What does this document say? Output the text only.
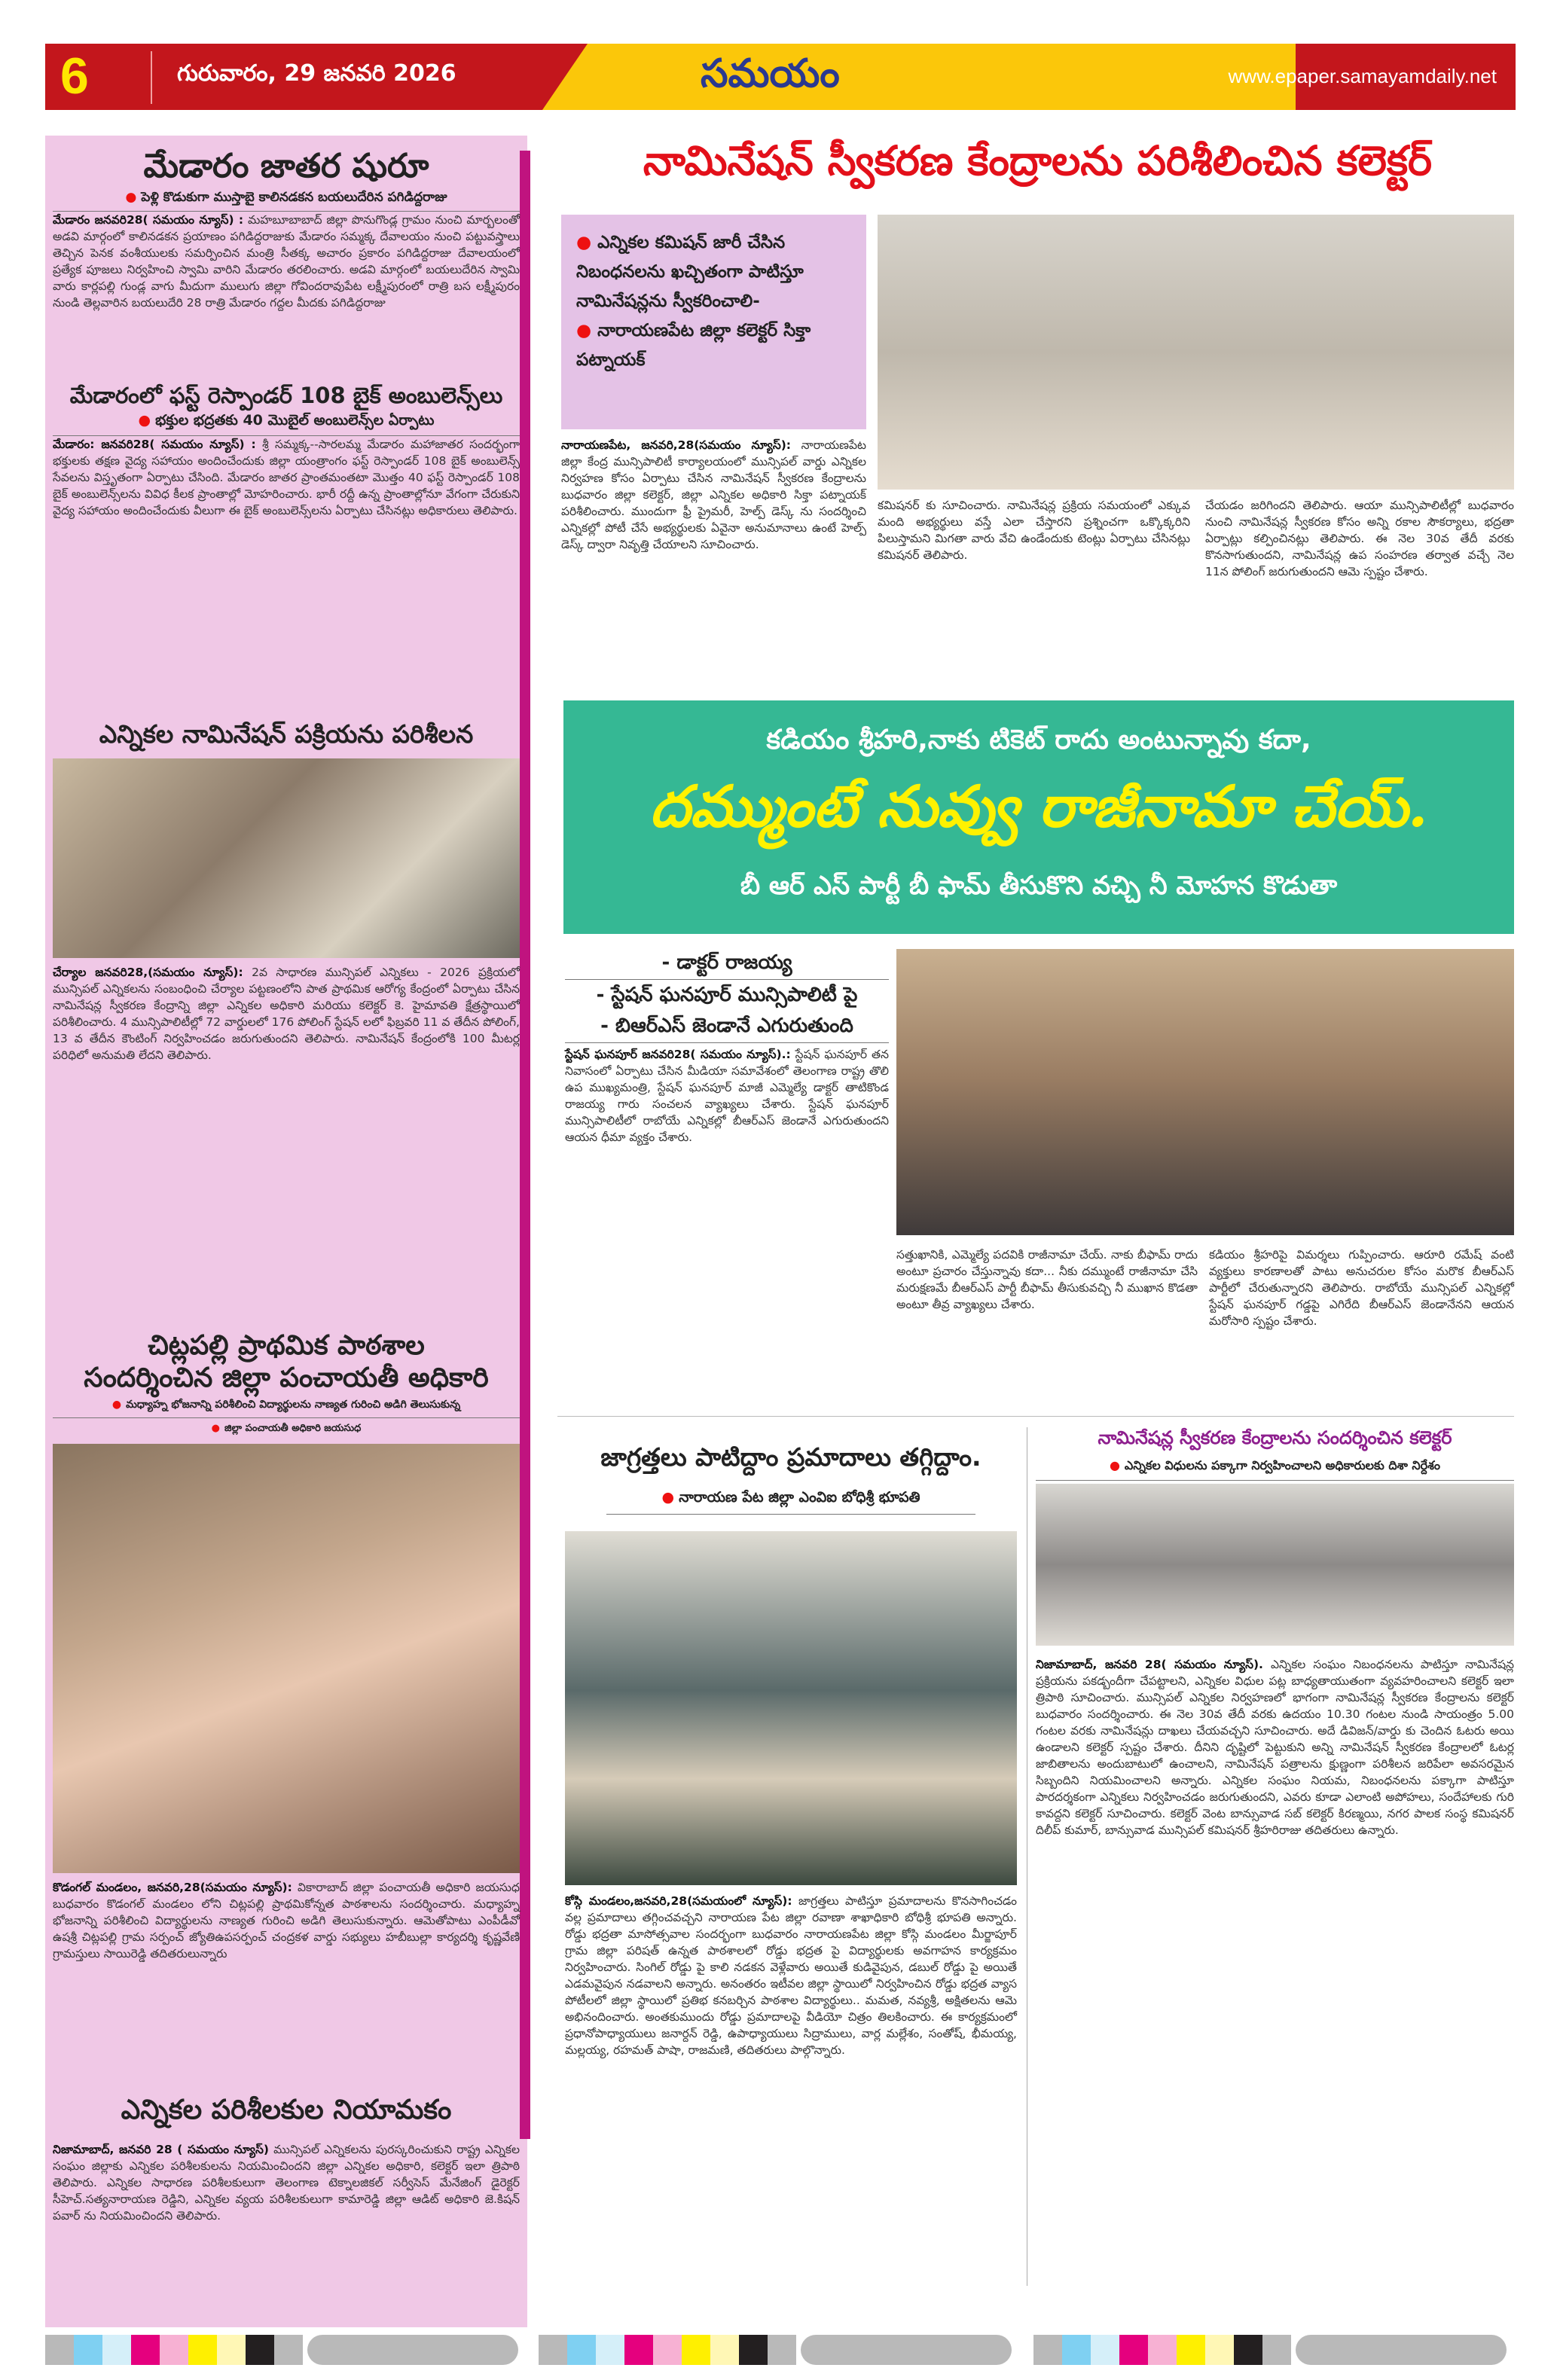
6	గురువారం, 29 జనవరి 2026	సమయం	www.epaper.samayamdaily.net
మేడారం జాతర షురూ
● పెళ్లి కొడుకుగా ముస్తాబై కాలినడకన బయలుదేరిన పగిడిద్దరాజు

మేడారం జనవరి28( సమయం న్యూస్) : మహబూబాబాద్ జిల్లా పొనుగొండ్ల గ్రామం నుంచి మార్బలంతో అడవి మార్గంలో కాలినడకన ప్రయాణం పగిడిద్దరాజుకు మేడారం సమ్మక్క దేవాలయం నుంచి పట్టువస్త్రాలు తెచ్చిన పెనక వంశీయులకు సమర్పించిన మంత్రి సీతక్క అచారం ప్రకారం పగిడిద్దరాజు దేవాలయంలో ప్రత్యేక పూజలు నిర్వహించి స్వామి వారిని మేడారం తరలించారు. అడవి మార్గంలో బయలుదేరిన స్వామి వారు కార్లపల్లి గుండ్ల వాగు మీదుగా ములుగు జిల్లా గోవిందరావుపేట లక్ష్మీపురంలో రాత్రి బస లక్ష్మీపురం నుండి తెల్లవారిన బయలుదేరి 28 రాత్రి మేడారం గద్దల మీదకు పగిడిద్దరాజు

మేడారంలో ఫస్ట్ రెస్పాండర్ 108 బైక్ అంబులెన్స్‌లు
● భక్తుల భద్రతకు 40 మొబైల్ అంబులెన్స్‌ల ఏర్పాటు

మేడారం: జనవరి28( సమయం న్యూస్) : శ్రీ సమ్మక్క--సారలమ్మ మేడారం మహాజాతర సందర్భంగా భక్తులకు తక్షణ వైద్య సహాయం అందించేందుకు జిల్లా యంత్రాంగం ఫస్ట్ రెస్పాండర్ 108 బైక్ అంబులెన్స్ సేవలను విస్తృతంగా ఏర్పాటు చేసింది. మేడారం జాతర ప్రాంతమంతటా మొత్తం 40 ఫస్ట్ రెస్పాండర్ 108 బైక్ అంబులెన్స్‌లను వివిధ కీలక ప్రాంతాల్లో మోహరించారు. భారీ రద్దీ ఉన్న ప్రాంతాల్లోనూ వేగంగా చేరుకుని వైద్య సహాయం అందించేందుకు వీలుగా ఈ బైక్ అంబులెన్స్‌లను ఏర్పాటు చేసినట్లు అధికారులు తెలిపారు.

ఎన్నికల నామినేషన్ పక్రియను పరిశీలన

చేర్యాల జనవరి28,(సమయం న్యూస్): 2వ సాధారణ మున్సిపల్ ఎన్నికలు - 2026 ప్రక్రియలో మున్సిపల్ ఎన్నికలను సంబంధించి చేర్యాల పట్టణంలోని పాత ప్రాథమిక ఆరోగ్య కేంద్రంలో ఏర్పాటు చేసిన నామినేషన్ల స్వీకరణ కేంద్రాన్ని జిల్లా ఎన్నికల అధికారి మరియు కలెక్టర్ కె. హైమావతి క్షేత్రస్థాయిలో పరిశీలించారు. 4 మున్సిపాలిటీల్లో 72 వార్డులలో 176 పోలింగ్ స్టేషన్ లలో ఫిబ్రవరి 11 వ తేదీన పోలింగ్, 13 వ తేదీన కౌంటింగ్ నిర్వహించడం జరుగుతుందని తెలిపారు. నామినేషన్ కేంద్రంలోకి 100 మీటర్ల పరిధిలో అనుమతి లేదని తెలిపారు.

చిట్లపల్లి ప్రాథమిక పాఠశాల
సందర్శించిన జిల్లా పంచాయతీ అధికారి
● మధ్యాహ్న భోజనాన్ని పరిశీలించి విద్యార్థులను నాణ్యత గురించి అడిగి తెలుసుకున్న
● జిల్లా పంచాయతీ అధికారి జయసుధ

కొడంగల్ మండలం, జనవరి,28(సమయం న్యూస్): వికారాబాద్ జిల్లా పంచాయతీ అధికారి జయసుధ బుధవారం కొడంగల్ మండలం లోని చిట్లపల్లి ప్రాథమికోన్నత పాఠశాలను సందర్శించారు. మధ్యాహ్న భోజనాన్ని పరిశీలించి విద్యార్థులను నాణ్యత గురించి అడిగి తెలుసుకున్నారు. ఆమెతోపాటు ఎంపీడీవో ఉషశ్రీ చిట్లపల్లి గ్రామ సర్పంచ్ జ్యోతిఉపసర్పంచ్ చంద్రకళ వార్డు సభ్యులు హబీబుల్లా కార్యదర్శి కృష్ణవేణి గ్రామస్తులు సాయిరెడ్డి తదితరులున్నారు

ఎన్నికల పరిశీలకుల నియామకం

నిజామాబాద్, జనవరి 28 ( సమయం న్యూస్) మున్సిపల్ ఎన్నికలను పురస్కరించుకుని రాష్ట్ర ఎన్నికల సంఘం జిల్లాకు ఎన్నికల పరిశీలకులను నియమించిందని జిల్లా ఎన్నికల అధికారి, కలెక్టర్ ఇలా త్రిపాఠి తెలిపారు. ఎన్నికల సాధారణ పరిశీలకులుగా తెలంగాణ టెక్నాలజికల్ సర్వీసెస్ మేనేజింగ్ డైరెక్టర్ సీహెచ్.సత్యనారాయణ రెడ్డిని, ఎన్నికల వ్యయ పరిశీలకులుగా కామారెడ్డి జిల్లా ఆడిట్ అధికారి జె.కిషన్ పవార్ ను నియమించిందని తెలిపారు.

నామినేషన్ స్వీకరణ కేంద్రాలను పరిశీలించిన కలెక్టర్
● ఎన్నికల కమిషన్ జారీ చేసిన నిబంధనలను ఖచ్చితంగా పాటిస్తూ నామినేషన్లను స్వీకరించాలి-
● నారాయణపేట జిల్లా కలెక్టర్ సిక్తా పట్నాయక్

నారాయణపేట, జనవరి,28(సమయం న్యూస్): నారాయణపేట జిల్లా కేంద్ర మున్సిపాలిటీ కార్యాలయంలో మున్సిపల్ వార్డు ఎన్నికల నిర్వహణ కోసం ఏర్పాటు చేసిన నామినేషన్ స్వీకరణ కేంద్రాలను బుధవారం జిల్లా కలెక్టర్, జిల్లా ఎన్నికల అధికారి సిక్తా పట్నాయక్ పరిశీలించారు. ముందుగా ఫ్రీ ప్రైమరీ, హెల్ప్ డెస్క్ ను సందర్శించి ఎన్నికల్లో పోటీ చేసే అభ్యర్థులకు ఏవైనా అనుమానాలు ఉంటే హెల్ప్ డెస్క్ ద్వారా నివృత్తి చేయాలని సూచించారు.

కమిషనర్ కు సూచించారు. నామినేషన్ల ప్రక్రియ సమయంలో ఎక్కువ మంది అభ్యర్థులు వస్తే ఎలా చేస్తారని ప్రశ్నించగా ఒక్కొక్కరిని పిలుస్తామని మిగతా వారు వేచి ఉండేందుకు టెంట్లు ఏర్పాటు చేసినట్లు కమిషనర్ తెలిపారు.

చేయడం జరిగిందని తెలిపారు. ఆయా మున్సిపాలిటీల్లో బుధవారం నుంచి నామినేషన్ల స్వీకరణ కోసం అన్ని రకాల సౌకర్యాలు, భద్రతా ఏర్పాట్లు కల్పించినట్లు తెలిపారు. ఈ నెల 30వ తేదీ వరకు కొనసాగుతుందని, నామినేషన్ల ఉప సంహరణ తర్వాత వచ్చే నెల 11న పోలింగ్ జరుగుతుందని ఆమె స్పష్టం చేశారు.

కడియం శ్రీహరి,నాకు టికెట్ రాదు అంటున్నావు కదా,
దమ్ముంటే నువ్వు రాజీనామా చేయ్.
బీ ఆర్ ఎస్ పార్టీ బీ ఫామ్ తీసుకొని వచ్చి నీ మోహన కొడుతా
- డాక్టర్ రాజయ్య
- స్టేషన్ ఘనపూర్ మున్సిపాలిటీ పై
- బిఆర్ఎస్ జెండానే ఎగురుతుంది

స్టేషన్ ఘనపూర్ జనవరి28( సమయం న్యూస్).: స్టేషన్ ఘనపూర్ తన నివాసంలో ఏర్పాటు చేసిన మీడియా సమావేశంలో తెలంగాణ రాష్ట్ర తొలి ఉప ముఖ్యమంత్రి, స్టేషన్ ఘనపూర్ మాజీ ఎమ్మెల్యే డాక్టర్ తాటికొండ రాజయ్య గారు సంచలన వ్యాఖ్యలు చేశారు. స్టేషన్ ఘనపూర్ మున్సిపాలిటీలో రాబోయే ఎన్నికల్లో బీఆర్ఎస్ జెండానే ఎగురుతుందని ఆయన ధీమా వ్యక్తం చేశారు.

సత్తుఖానికి, ఎమ్మెల్యే పదవికి రాజీనామా చేయ్. నాకు బీఫామ్ రాదు అంటూ ప్రచారం చేస్తున్నావు కదా... నీకు దమ్ముంటే రాజీనామా చేసి మరుక్షణమే బీఆర్ఎస్ పార్టీ బీఫామ్ తీసుకువచ్చి నీ ముఖాన కొడతా అంటూ తీవ్ర వ్యాఖ్యలు చేశారు.

కడియం శ్రీహరిపై విమర్శలు గుప్పించారు. ఆరూరి రమేష్ వంటి వ్యక్తులు కారణాలతో పాటు అనుచరుల కోసం మరొక బీఆర్ఎస్ పార్టీలో చేరుతున్నారని తెలిపారు. రాబోయే మున్సిపల్ ఎన్నికల్లో స్టేషన్ ఘనపూర్ గడ్డపై ఎగిరేది బీఆర్ఎస్ జెండానేనని ఆయన మరోసారి స్పష్టం చేశారు.

జాగ్రత్తలు పాటిద్దాం ప్రమాదాలు తగ్గిద్దాం.
● నారాయణ పేట జిల్లా ఎంవిఐ బోధిశ్రీ భూపతి

కోస్గి మండలం,జనవరి,28(సమయంలో న్యూస్): జాగ్రత్తలు పాటిస్తూ ప్రమాదాలను కొనసాగించడం వల్ల ప్రమాదాలు తగ్గించవచ్చని నారాయణ పేట జిల్లా రవాణా శాఖాధికారి బోధిశ్రీ భూపతి అన్నారు. రోడ్డు భద్రతా మాసోత్సవాల సందర్భంగా బుధవారం నారాయణపేట జిల్లా కోస్గి మండలం మీర్జాపూర్ గ్రామ జిల్లా పరిషత్ ఉన్నత పాఠశాలలో రోడ్డు భద్రత పై విద్యార్థులకు అవగాహన కార్యక్రమం నిర్వహించారు. సింగిల్ రోడ్డు పై కాలి నడకన వెళ్లేవారు అయితే కుడివైపున, డబుల్ రోడ్డు పై అయితే ఎడమవైపున నడవాలని అన్నారు. అనంతరం ఇటీవల జిల్లా స్థాయిలో నిర్వహించిన రోడ్డు భద్రత వ్యాస పోటీలలో జిల్లా స్థాయిలో ప్రతిభ కనబర్చిన పాఠశాల విద్యార్థులు.. మమత, నవ్యశ్రీ, అక్షితలను ఆమె అభినందించారు. అంతకుముందు రోడ్డు ప్రమాదాలపై వీడియో చిత్రం తిలకించారు. ఈ కార్యక్రమంలో ప్రధానోపాధ్యాయులు జనార్దన్ రెడ్డి, ఉపాధ్యాయులు సిద్రాములు, వార్ల మల్లేశం, సంతోష్, భీమయ్య, మల్లయ్య, రహమత్ పాషా, రాజమణి, తదితరులు పాల్గొన్నారు.

నామినేషన్ల స్వీకరణ కేంద్రాలను సందర్శించిన కలెక్టర్
● ఎన్నికల విధులను పక్కాగా నిర్వహించాలని అధికారులకు దిశా నిర్దేశం

నిజామాబాద్, జనవరి 28( సమయం న్యూస్). ఎన్నికల సంఘం నిబంధనలను పాటిస్తూ నామినేషన్ల ప్రక్రియను పకడ్బందీగా చేపట్టాలని, ఎన్నికల విధుల పట్ల బాధ్యతాయుతంగా వ్యవహరించాలని కలెక్టర్ ఇలా త్రిపాఠి సూచించారు. మున్సిపల్ ఎన్నికల నిర్వహణలో భాగంగా నామినేషన్ల స్వీకరణ కేంద్రాలను కలెక్టర్ బుధవారం సందర్శించారు. ఈ నెల 30వ తేదీ వరకు ఉదయం 10.30 గంటల నుండి సాయంత్రం 5.00 గంటల వరకు నామినేషన్లు దాఖలు చేయవచ్చని సూచించారు. అదే డివిజన్/వార్డు కు చెందిన ఓటరు అయి ఉండాలని కలెక్టర్ స్పష్టం చేశారు. దీనిని దృష్టిలో పెట్టుకుని అన్ని నామినేషన్ స్వీకరణ కేంద్రాలలో ఓటర్ల జాబితాలను అందుబాటులో ఉంచాలని, నామినేషన్ పత్రాలను క్షుణ్ణంగా పరిశీలన జరిపేలా అవసరమైన సిబ్బందిని నియమించాలని అన్నారు. ఎన్నికల సంఘం నియమ, నిబంధనలను పక్కాగా పాటిస్తూ పారదర్శకంగా ఎన్నికలు నిర్వహించడం జరుగుతుందని, ఎవరు కూడా ఎలాంటి అపోహలు, సందేహాలకు గురి కావద్దని కలెక్టర్ సూచించారు. కలెక్టర్ వెంట బాన్సువాడ సబ్ కలెక్టర్ కిరణ్మయి, నగర పాలక సంస్థ కమిషనర్ దిలీప్ కుమార్, బాన్సువాడ మున్సిపల్ కమిషనర్ శ్రీహరిరాజు తదితరులు ఉన్నారు.
